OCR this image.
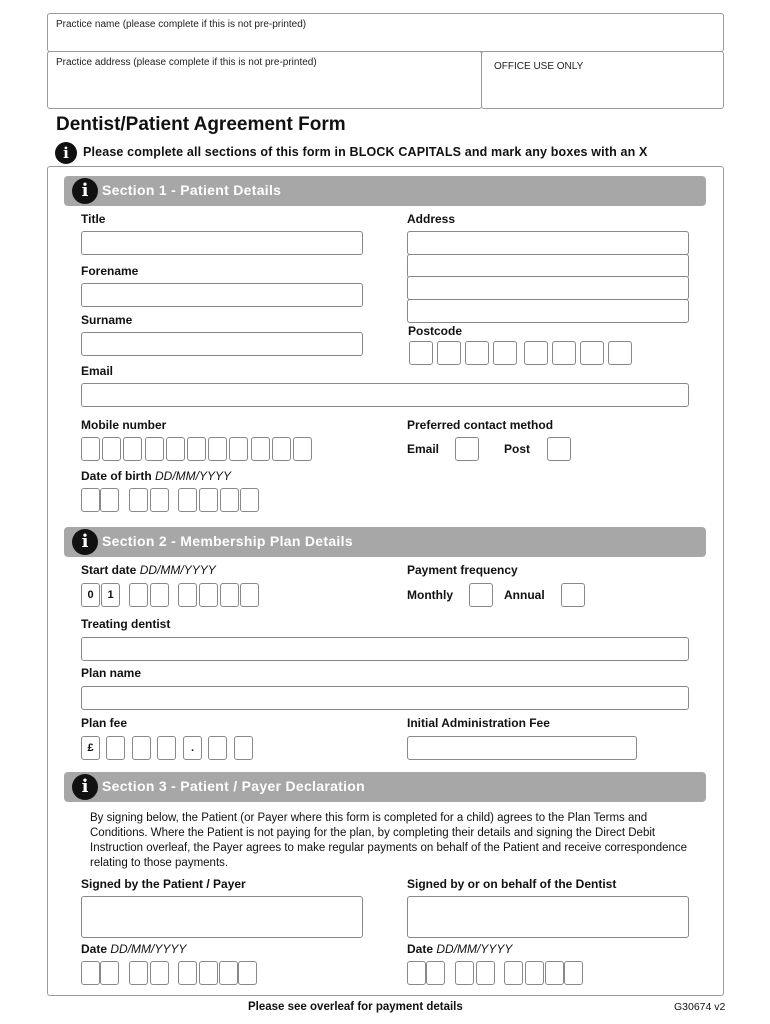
Practice name (please complete if this is not pre-printed)
Practice address (please complete if this is not pre-printed)	OFFICE USE ONLY
Dentist/Patient Agreement Form
i	Please complete all sections of this form in BLOCK CAPITALS and mark any boxes with an X
i Section 1 - Patient Details
Title	Address
Forename
Surname
Postcode
Email
Mobile number	Preferred contact method
Email	Post
Date of birth DD/MM/YYYY
i Section 2 - Membership Plan Details
Start date DD/MM/YYYY
0	1
Payment frequency
Monthly	Annual
Treating dentist
Plan name
Plan fee
£	.
Initial Administration Fee
i Section 3 - Patient / Payer Declaration
By signing below, the Patient (or Payer where this form is completed for a child) agrees to the Plan Terms and Conditions. Where the Patient is not paying for the plan, by completing their details and signing the Direct Debit Instruction overleaf, the Payer agrees to make regular payments on behalf of the Patient and receive correspondence relating to those payments.
Signed by the Patient / Payer	Signed by or on behalf of the Dentist
Date DD/MM/YYYY	Date DD/MM/YYYY
Please see overleaf for payment details	G30674 v2
